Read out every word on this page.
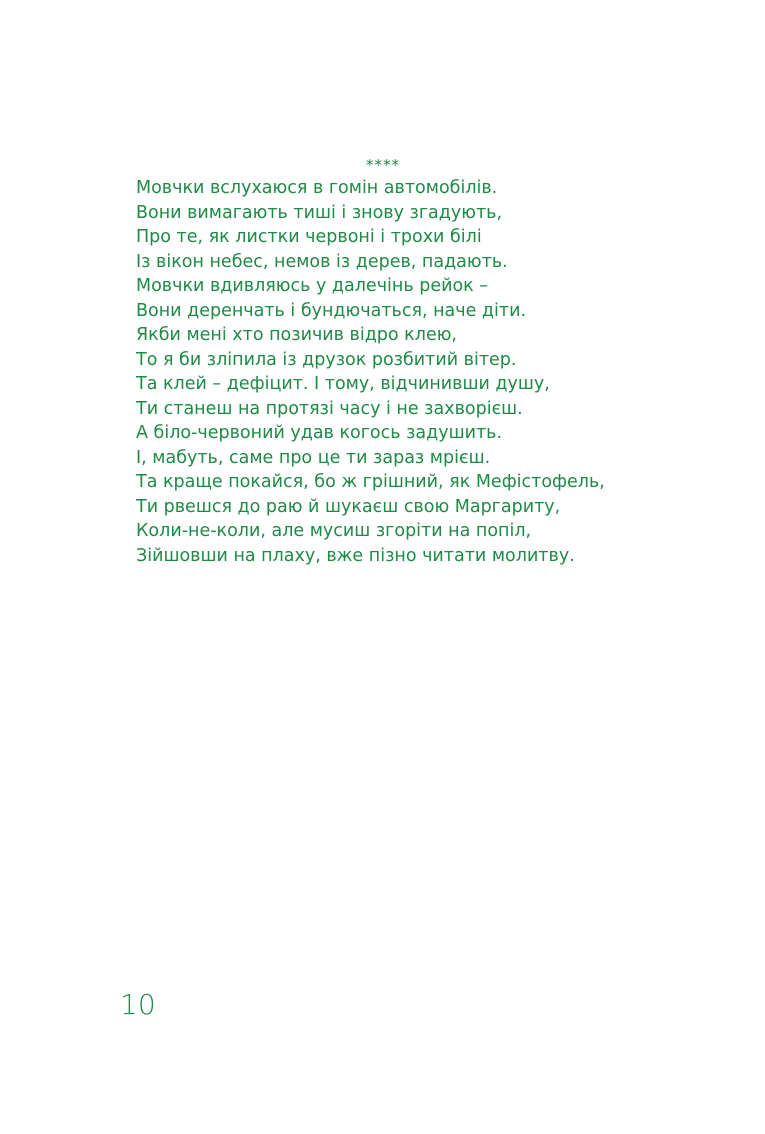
****
Мовчки вслухаюся в гомін автомобілів.
Вони вимагають тиші і знову згадують,
Про те, як листки червоні і трохи білі
Із вікон небес, немов із дерев, падають.
Мовчки вдивляюсь у далечінь рейок –
Вони деренчать і бундючаться, наче діти.
Якби мені хто позичив відро клею,
То я би зліпила із друзок розбитий вітер.
Та клей – дефіцит. І тому, відчинивши душу,
Ти станеш на протязі часу і не захворієш.
А біло-червоний удав когось задушить.
І, мабуть, саме про це ти зараз мрієш.
Та краще покайся, бо ж грішний, як Мефістофель,
Ти рвешся до раю й шукаєш свою Маргариту,
Коли-не-коли, але мусиш згоріти на попіл,
Зійшовши на плаху, вже пізно читати молитву.
10
